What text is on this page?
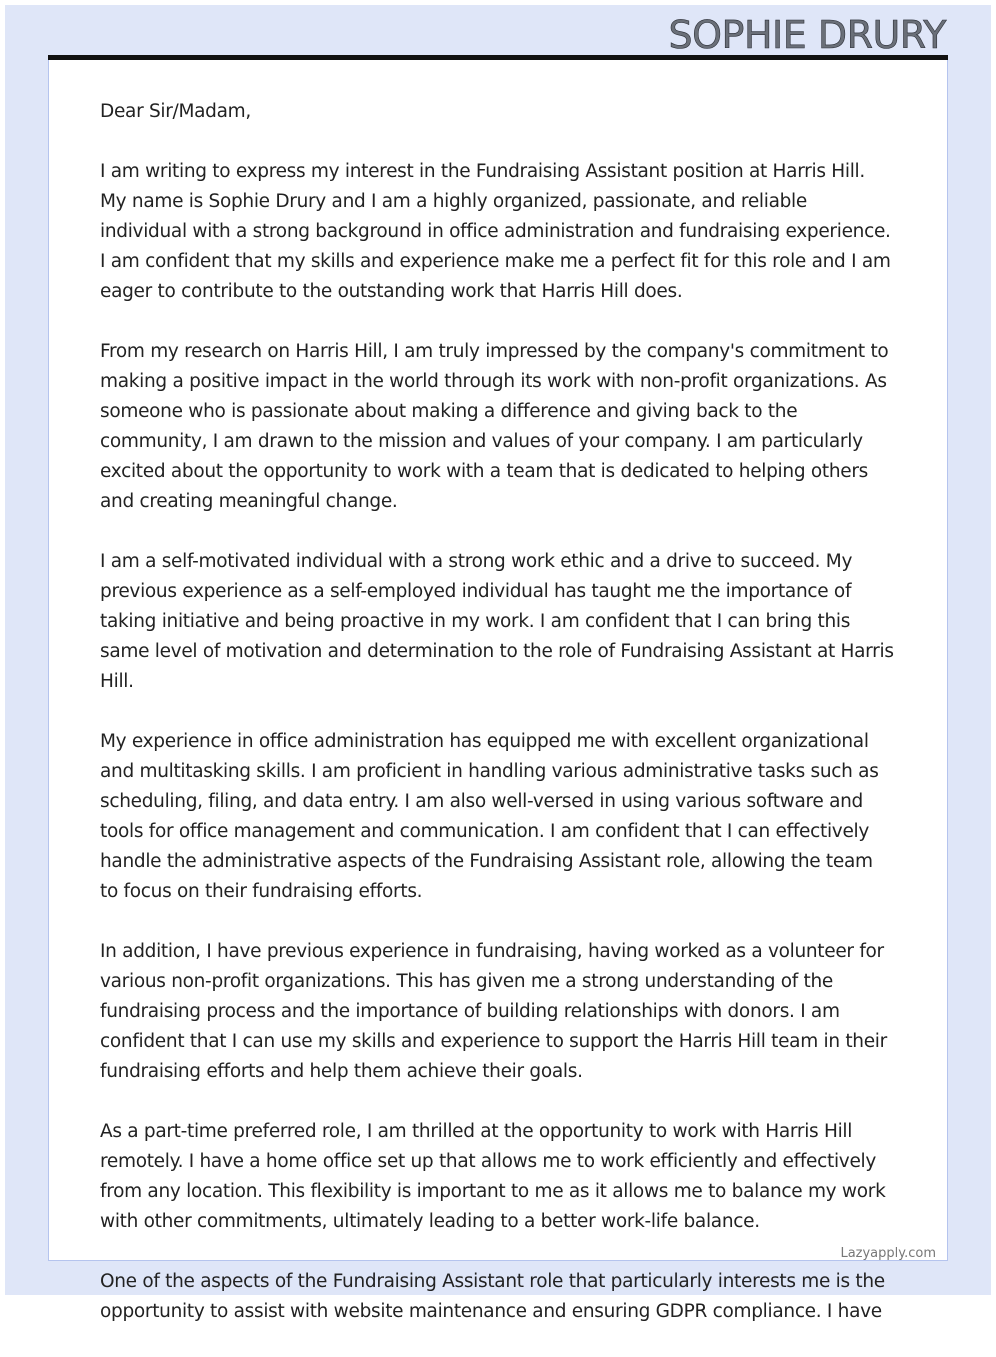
SOPHIE DRURY

Dear Sir/Madam,

I am writing to express my interest in the Fundraising Assistant position at Harris Hill. My name is Sophie Drury and I am a highly organized, passionate, and reliable individual with a strong background in office administration and fundraising experience. I am confident that my skills and experience make me a perfect fit for this role and I am eager to contribute to the outstanding work that Harris Hill does.

From my research on Harris Hill, I am truly impressed by the company's commitment to making a positive impact in the world through its work with non-profit organizations. As someone who is passionate about making a difference and giving back to the community, I am drawn to the mission and values of your company. I am particularly excited about the opportunity to work with a team that is dedicated to helping others and creating meaningful change.

I am a self-motivated individual with a strong work ethic and a drive to succeed. My previous experience as a self-employed individual has taught me the importance of taking initiative and being proactive in my work. I am confident that I can bring this same level of motivation and determination to the role of Fundraising Assistant at Harris Hill.

My experience in office administration has equipped me with excellent organizational and multitasking skills. I am proficient in handling various administrative tasks such as scheduling, filing, and data entry. I am also well-versed in using various software and tools for office management and communication. I am confident that I can effectively handle the administrative aspects of the Fundraising Assistant role, allowing the team to focus on their fundraising efforts.

In addition, I have previous experience in fundraising, having worked as a volunteer for various non-profit organizations. This has given me a strong understanding of the fundraising process and the importance of building relationships with donors. I am confident that I can use my skills and experience to support the Harris Hill team in their fundraising efforts and help them achieve their goals.

As a part-time preferred role, I am thrilled at the opportunity to work with Harris Hill remotely. I have a home office set up that allows me to work efficiently and effectively from any location. This flexibility is important to me as it allows me to balance my work with other commitments, ultimately leading to a better work-life balance.

One of the aspects of the Fundraising Assistant role that particularly interests me is the opportunity to assist with website maintenance and ensuring GDPR compliance. I have

Lazyapply.com
